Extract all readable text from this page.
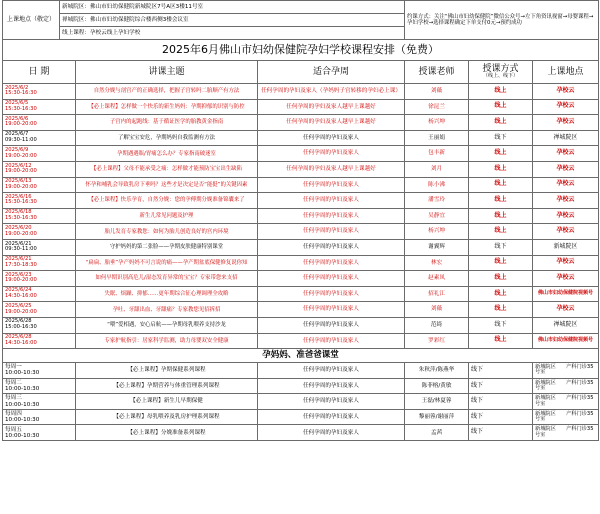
上课地点（敬定）	新城院区：佛山市妇幼保健院新城院区7号A区3楼11号室			约课方式：关注“佛山市妇幼保健院”微信公众号→左下角资讯视窗→母婴课程→孕妇学校→选择课程确定下单支付0元→预约成功		
	禅城院区：佛山市妇幼保健院综合楼西侧3楼会议室					
	线上课程：孕校云线上孕妇学校					
2025年6月佛山市妇幼保健院孕妇学校课程安排（免费）						
日 期		讲课主题	适合孕周	授课老师	授课方式
（线上、线下）	上课地点

2025/6/2
15:30-16:30		自然分娩与剖宫产的正确选择，把握子宫转吗二胎顺产有方法	任何孕周的孕妇及家人（孕妈妈子宫转移的孕妇必上课）	刘薇	线上	孕校云

2025/6/5
15:30-16:30		【必上课程】怎样做一个快乐的新生妈妈：孕期抑郁的识别与防控	任何孕周的孕妇及家人越早上课越好	徐昆兰	线上	孕校云

2025/6/6
19:00-20:00		子宫内的起跑线：基于循证医学的胎教黄金指南	任何孕周的孕妇及家人越早上课越好	杨兴坤	线上	孕校云

2025/6/7
09:30-11:00		了解宝宝安危，孕期妈妈自我监测有方法	任何孕周的孕妇及家人	王丽娟	线下	禅城院区

2025/6/9
19:00-20:00		孕期遇遇瓶/胃痛怎么办？专家指南破迷室	任何孕周的孕妇及家人	包丰新	线上	孕校云

2025/6/12
19:00-20:00		【必上课程】父母不能承受之痛：怎样做才能预防宝宝出生缺陷	任何孕周的孕妇及家人越早上课越好	刘月	线上	孕校云

2025/6/13
19:00-20:00		怀孕和哺乳会导致乳房下垂吗？这些才是决定是否“能挺”的关键因素	任何孕周的孕妇及家人	陈小沸	线上	孕校云

2025/6/16
15:30-16:30		【必上课程】快乐孕育，自然分娩：您的孕傅期分娩准备锦囊来了	任何孕周的孕妇及家人	潘雪玲	线上	孕校云

2025/6/18
15:30-16:30		新生儿常见问题及护理	任何孕周的孕妇及家人	吴静宜	线上	孕校云

2025/6/20
19:00-20:00		胎儿发育专家教您：如何为胎儿创造良好的宫内环境	任何孕周的孕妇及家人	杨兴坤	线上	孕校云

2025/6/21
09:30-11:00		守护妈妈的第二张脸——孕期皮肤健康特别课堂	任何孕周的孕妇及家人	谢翼辉	线下	新城院区

2025/6/21
17:30-18:30		“扁扁、胎垂”孕产妈妈不可言说的痛——孕产期盆底保健修复说你知	任何孕周的孕妇及家人	林宏	线上	孕校云

2025/6/23
19:00-20:00		如何早期识别高危儿/湿态发育异常的宝宝？专家带您来支招	任何孕周的孕妇及家人	赵素凤	线上	孕校云

2025/6/24
14:30-16:00		失眠、烦躁、抑郁……更年期综合征心理调理全攻略	任何孕周的孕妇及家人	招礼江	线上	佛山市妇幼保健院视频号

2025/6/25
19:00-20:00		孕吐、牙龈出血、牙龈痛？专家教您见招拆招	任何孕周的孕妇及家人	刘薇	线上	孕校云

2025/6/28
15:00-16:30		“喂”爱相遇，安心启航——孕期母乳喂养支持沙龙	任何孕周的孕妇及家人	范绮	线下	禅城院区

2025/6/28
14:30-16:00		专家护航指引：居家科学监测，助力母婴双安全健康	任何孕周的孕妇及家人	罗彩红	线上	佛山市妇幼保健院视频号
孕妈妈、准爸爸课堂						

每周一
10:00-10:30		【必上课程】孕期保健系列课程	任何孕周的孕妇及家人	朱秋萍/陈燕华	线下	新城院区　　产科门诊35号室

每周二
10:00-10:30		【必上课程】孕期营养与体重管理系列课程	任何孕周的孕妇及家人	陈菲榕/黄敏	线下	新城院区　　产科门诊35号室

每周三
10:00-10:30		【必上课程】新生儿早期保健	任何孕周的孕妇及家人	王磊/林夏蓉	线下	新城院区　　产科门诊35号室

每周四
10:00-10:30		【必上课程】母乳喂养及乳房护理系列课程	任何孕周的孕妇及家人	黎丽蓉/谢丽萍	线下	新城院区　　产科门诊35号室

每周五
10:00-10:30		【必上课程】分娩准备系列课程	任何孕周的孕妇及家人	孟茜	线下	新城院区　　产科门诊35号室
